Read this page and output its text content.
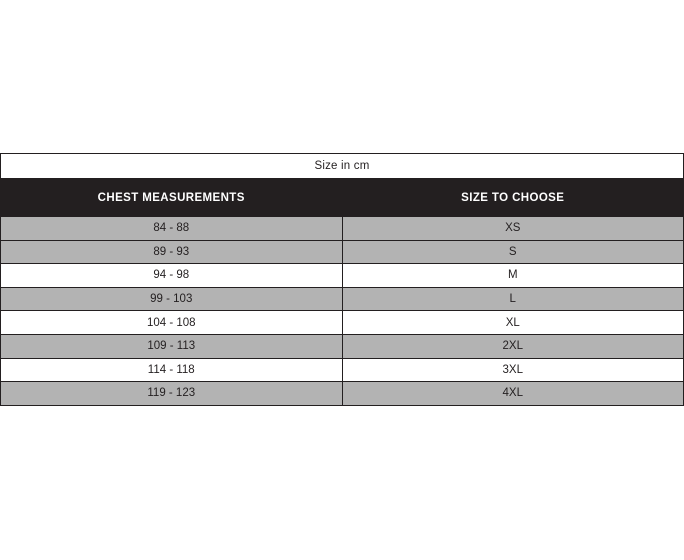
Size in cm	
CHEST MEASUREMENTS	SIZE TO CHOOSE
84 - 88	XS
89 - 93	S
94 - 98	M
99 - 103	L
104 - 108	XL
109 - 113	2XL
114 - 118	3XL
119 - 123	4XL
